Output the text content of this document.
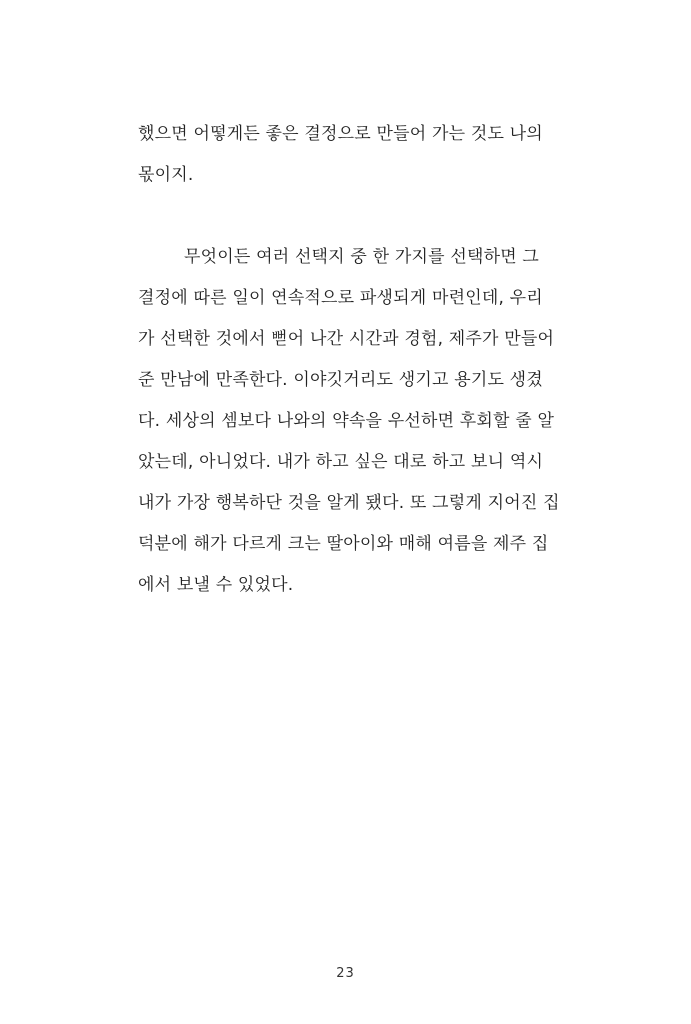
했으면 어떻게든 좋은 결정으로 만들어 가는 것도 나의
몫이지.
무엇이든 여러 선택지 중 한 가지를 선택하면 그
결정에 따른 일이 연속적으로 파생되게 마련인데, 우리
가 선택한 것에서 뻗어 나간 시간과 경험, 제주가 만들어
준 만남에 만족한다. 이야깃거리도 생기고 용기도 생겼
다. 세상의 셈보다 나와의 약속을 우선하면 후회할 줄 알
았는데, 아니었다. 내가 하고 싶은 대로 하고 보니 역시
내가 가장 행복하단 것을 알게 됐다. 또 그렇게 지어진 집
덕분에 해가 다르게 크는 딸아이와 매해 여름을 제주 집
에서 보낼 수 있었다.
23
